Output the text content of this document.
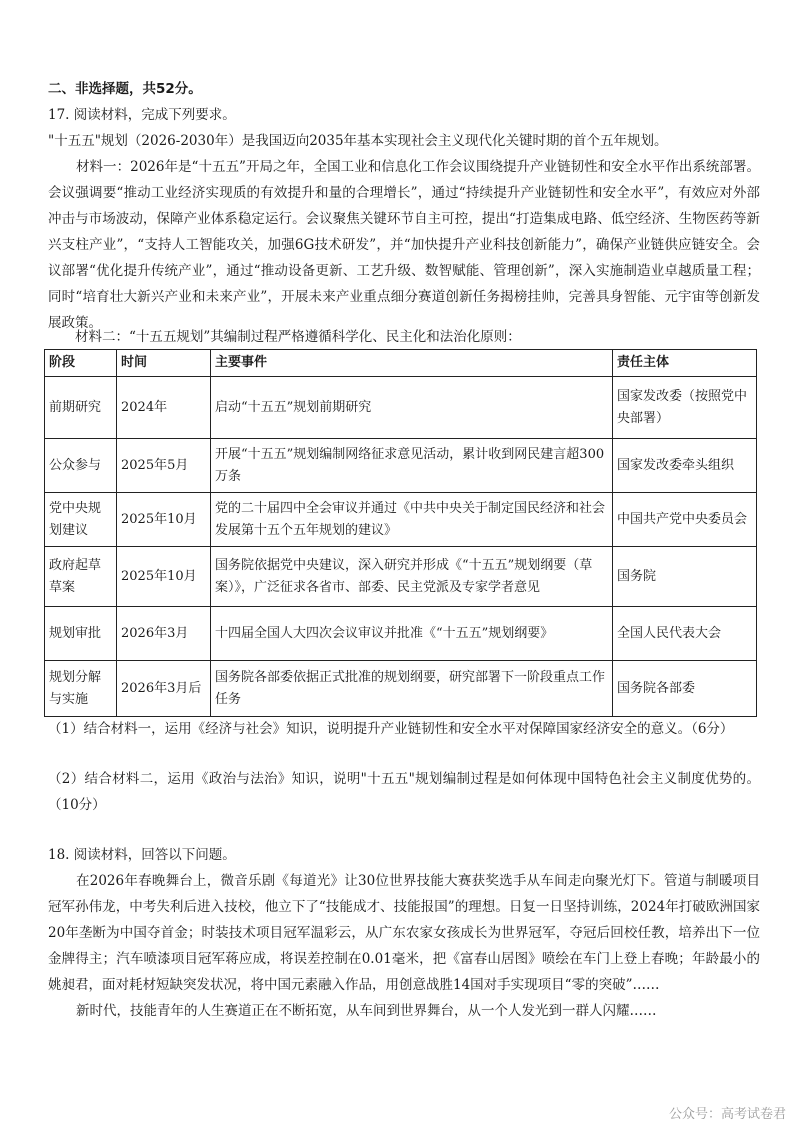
二、非选择题，共52分。
17. 阅读材料，完成下列要求。
"十五五"规划（2026-2030年）是我国迈向2035年基本实现社会主义现代化关键时期的首个五年规划。

材料一：2026年是“十五五”开局之年，全国工业和信息化工作会议围绕提升产业链韧性和安全水平作出系统部署。会议强调要“推动工业经济实现质的有效提升和量的合理增长”，通过“持续提升产业链韧性和安全水平”，有效应对外部冲击与市场波动，保障产业体系稳定运行。会议聚焦关键环节自主可控，提出“打造集成电路、低空经济、生物医药等新兴支柱产业”，“支持人工智能攻关，加强6G技术研发”，并“加快提升产业科技创新能力”，确保产业链供应链安全。会议部署“优化提升传统产业”，通过“推动设备更新、工艺升级、数智赋能、管理创新”，深入实施制造业卓越质量工程；同时“培育壮大新兴产业和未来产业”，开展未来产业重点细分赛道创新任务揭榜挂帅，完善具身智能、元宇宙等创新发展政策。

材料二：“十五五规划”其编制过程严格遵循科学化、民主化和法治化原则：
阶段	时间	主要事件	责任主体
前期研究	2024年	启动“十五五”规划前期研究	国家发改委（按照党中央部署）
公众参与	2025年5月	开展“十五五”规划编制网络征求意见活动，累计收到网民建言超300万条	国家发改委牵头组织
党中央规划建议	2025年10月	党的二十届四中全会审议并通过《中共中央关于制定国民经济和社会发展第十五个五年规划的建议》	中国共产党中央委员会
政府起草草案	2025年10月	国务院依据党中央建议，深入研究并形成《“十五五”规划纲要（草案）》，广泛征求各省市、部委、民主党派及专家学者意见	国务院
规划审批	2026年3月	十四届全国人大四次会议审议并批准《“十五五”规划纲要》	全国人民代表大会
规划分解与实施	2026年3月后	国务院各部委依据正式批准的规划纲要，研究部署下一阶段重点工作任务	国务院各部委
（1）结合材料一，运用《经济与社会》知识，说明提升产业链韧性和安全水平对保障国家经济安全的意义。（6分）
（2）结合材料二，运用《政治与法治》知识，说明"十五五"规划编制过程是如何体现中国特色社会主义制度优势的。（10分）
18. 阅读材料，回答以下问题。

在2026年春晚舞台上，微音乐剧《每道光》让30位世界技能大赛获奖选手从车间走向聚光灯下。管道与制暖项目冠军孙伟龙，中考失利后进入技校，他立下了“技能成才、技能报国”的理想。日复一日坚持训练，2024年打破欧洲国家20年垄断为中国夺首金；时装技术项目冠军温彩云，从广东农家女孩成长为世界冠军，夺冠后回校任教，培养出下一位金牌得主；汽车喷漆项目冠军蒋应成，将误差控制在0.01毫米，把《富春山居图》喷绘在车门上登上春晚；年龄最小的姚昶君，面对耗材短缺突发状况，将中国元素融入作品，用创意战胜14国对手实现项目“零的突破”……

新时代，技能青年的人生赛道正在不断拓宽，从车间到世界舞台，从一个人发光到一群人闪耀……

公众号：高考试卷君
